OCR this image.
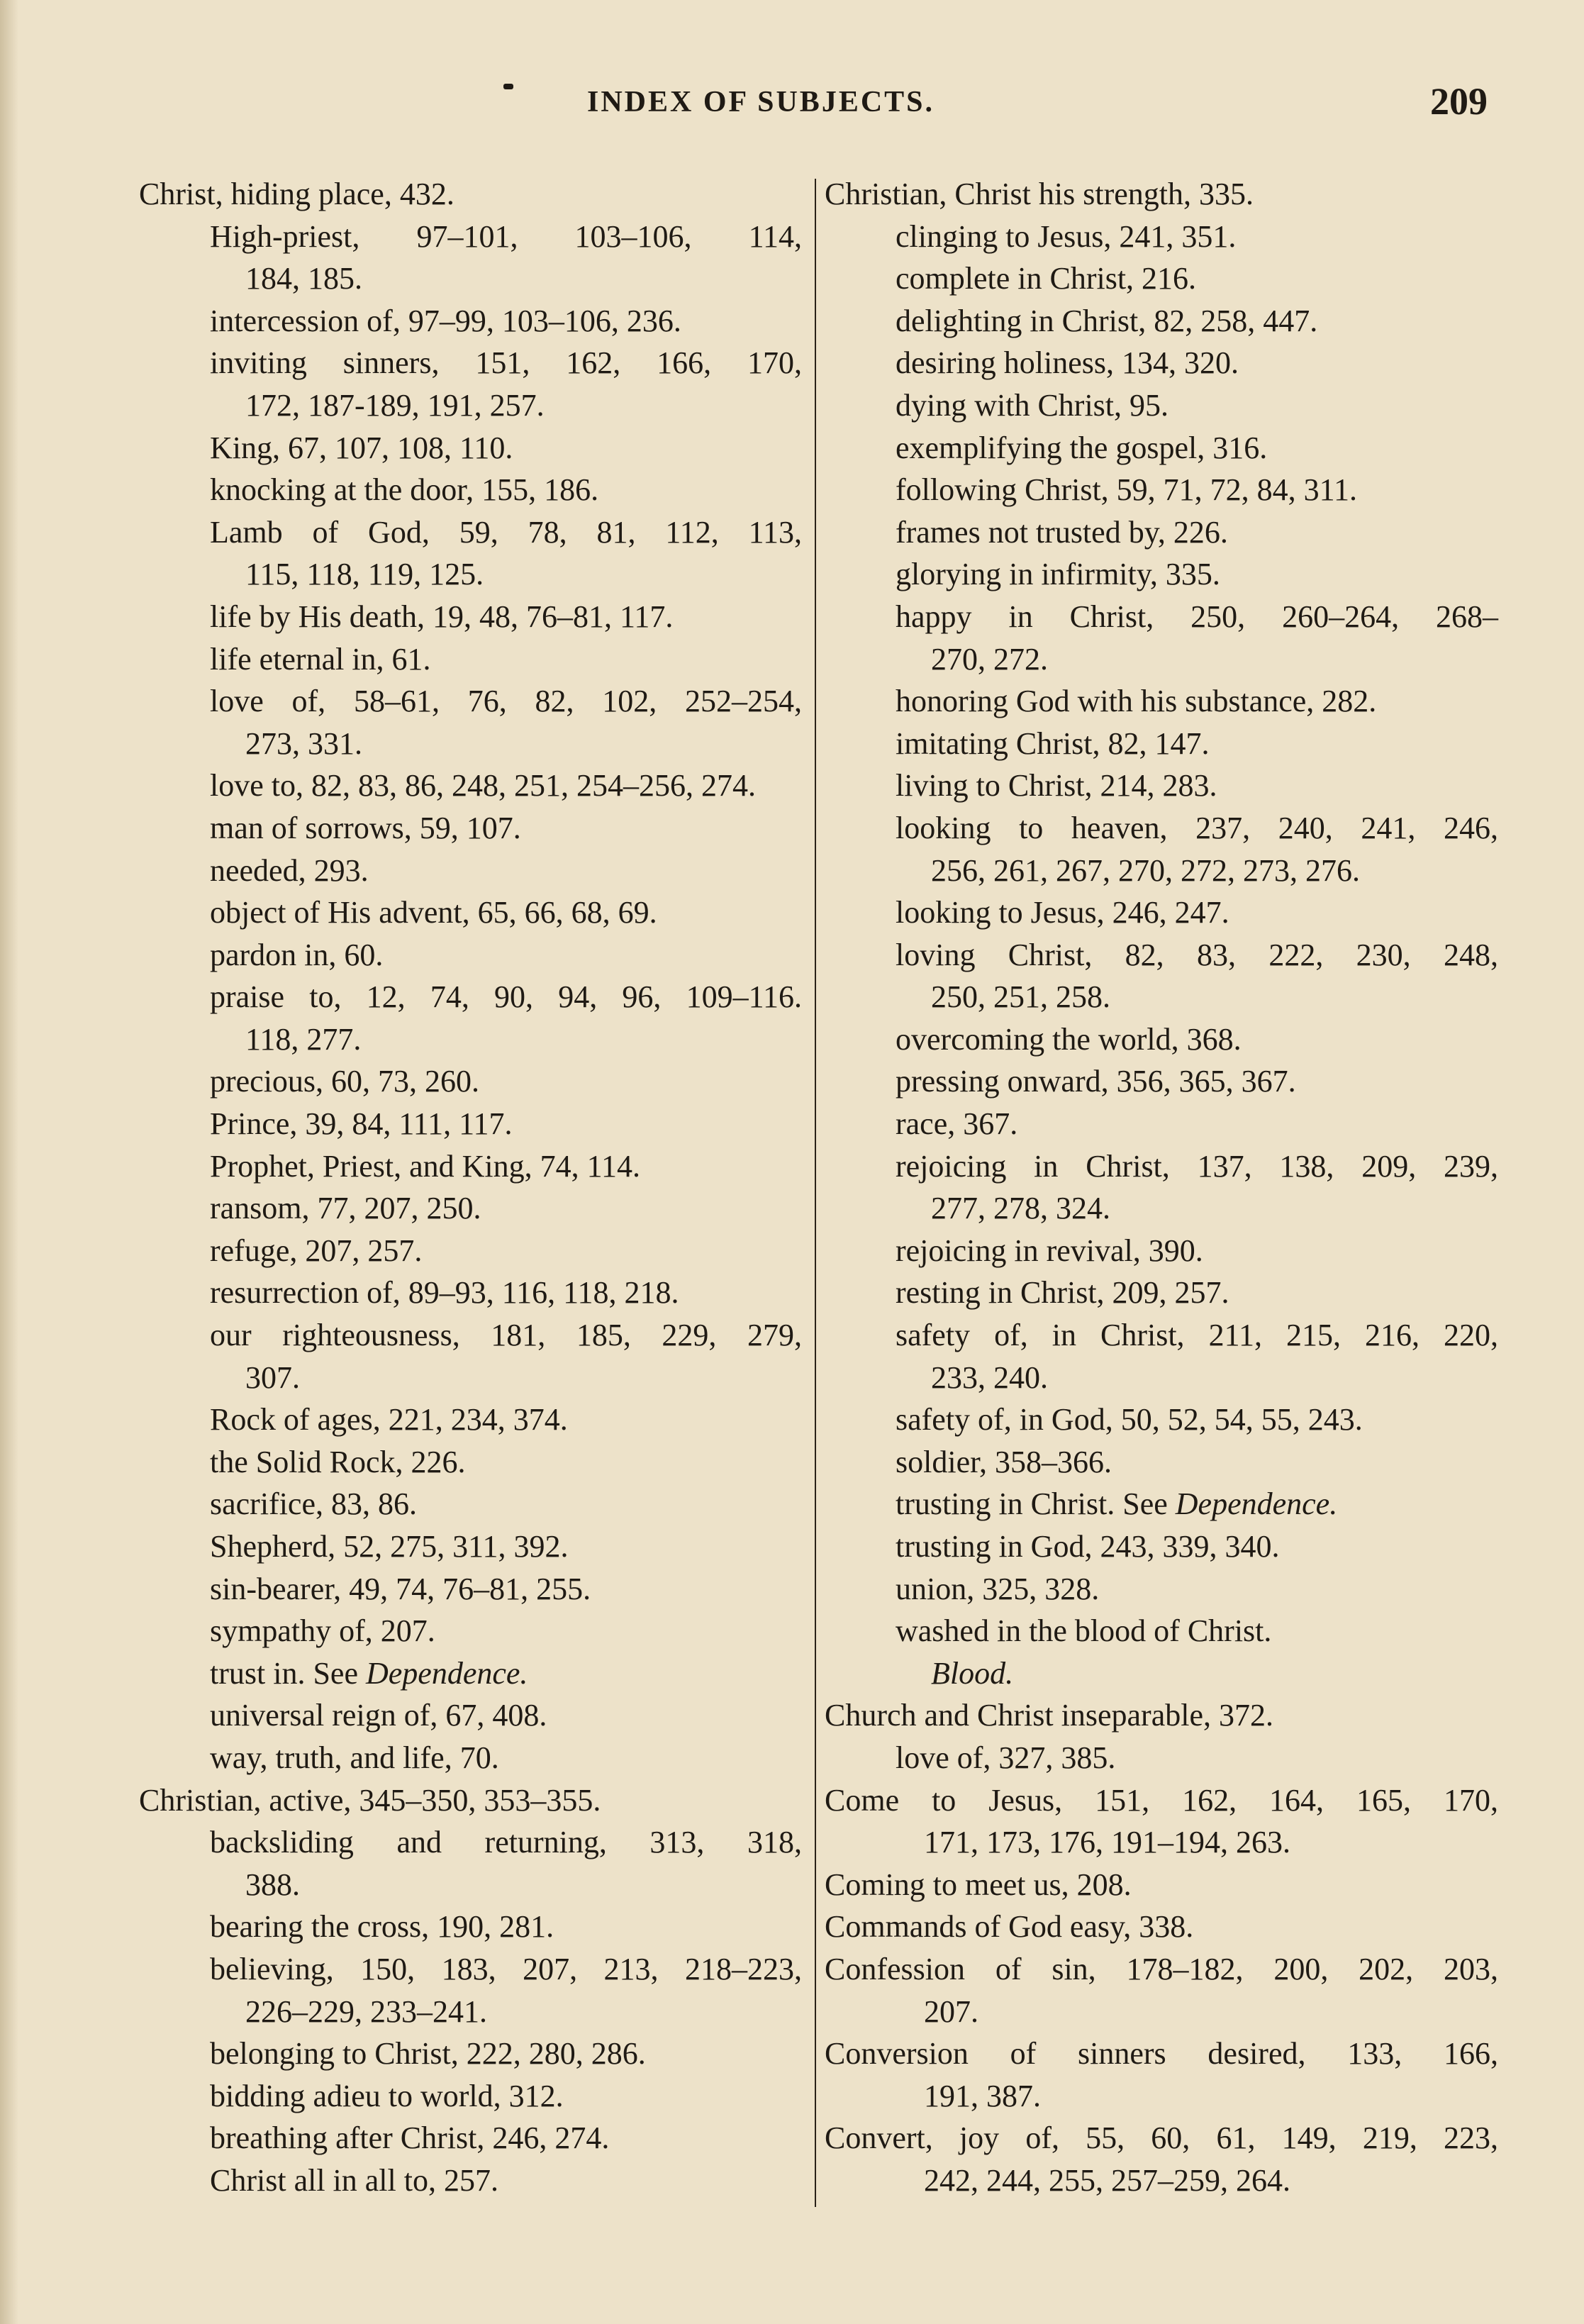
INDEX OF SUBJECTS.	209
Christ, hiding place, 432.
High-priest, 97–101, 103–106, 114,
184, 185.
intercession of, 97–99, 103–106, 236.
inviting sinners, 151, 162, 166, 170,
172, 187-189, 191, 257.
King, 67, 107, 108, 110.
knocking at the door, 155, 186.
Lamb of God, 59, 78, 81, 112, 113,
115, 118, 119, 125.
life by His death, 19, 48, 76–81, 117.
life eternal in, 61.
love of, 58–61, 76, 82, 102, 252–254,
273, 331.
love to, 82, 83, 86, 248, 251, 254–256, 274.
man of sorrows, 59, 107.
needed, 293.
object of His advent, 65, 66, 68, 69.
pardon in, 60.
praise to, 12, 74, 90, 94, 96, 109–116.
118, 277.
precious, 60, 73, 260.
Prince, 39, 84, 111, 117.
Prophet, Priest, and King, 74, 114.
ransom, 77, 207, 250.
refuge, 207, 257.
resurrection of, 89–93, 116, 118, 218.
our righteousness, 181, 185, 229, 279,
307.
Rock of ages, 221, 234, 374.
the Solid Rock, 226.
sacrifice, 83, 86.
Shepherd, 52, 275, 311, 392.
sin-bearer, 49, 74, 76–81, 255.
sympathy of, 207.
trust in. See Dependence.
universal reign of, 67, 408.
way, truth, and life, 70.
Christian, active, 345–350, 353–355.
backsliding and returning, 313, 318,
388.
bearing the cross, 190, 281.
believing, 150, 183, 207, 213, 218–223,
226–229, 233–241.
belonging to Christ, 222, 280, 286.
bidding adieu to world, 312.
breathing after Christ, 246, 274.
Christ all in all to, 257.
Christian, Christ his strength, 335.
clinging to Jesus, 241, 351.
complete in Christ, 216.
delighting in Christ, 82, 258, 447.
desiring holiness, 134, 320.
dying with Christ, 95.
exemplifying the gospel, 316.
following Christ, 59, 71, 72, 84, 311.
frames not trusted by, 226.
glorying in infirmity, 335.
happy in Christ, 250, 260–264, 268–
270, 272.
honoring God with his substance, 282.
imitating Christ, 82, 147.
living to Christ, 214, 283.
looking to heaven, 237, 240, 241, 246,
256, 261, 267, 270, 272, 273, 276.
looking to Jesus, 246, 247.
loving Christ, 82, 83, 222, 230, 248,
250, 251, 258.
overcoming the world, 368.
pressing onward, 356, 365, 367.
race, 367.
rejoicing in Christ, 137, 138, 209, 239,
277, 278, 324.
rejoicing in revival, 390.
resting in Christ, 209, 257.
safety of, in Christ, 211, 215, 216, 220,
233, 240.
safety of, in God, 50, 52, 54, 55, 243.
soldier, 358–366.
trusting in Christ. See Dependence.
trusting in God, 243, 339, 340.
union, 325, 328.
washed in the blood of Christ.
Blood.
Church and Christ inseparable, 372.
love of, 327, 385.
Come to Jesus, 151, 162, 164, 165, 170,
171, 173, 176, 191–194, 263.
Coming to meet us, 208.
Commands of God easy, 338.
Confession of sin, 178–182, 200, 202, 203,
207.
Conversion of sinners desired, 133, 166,
191, 387.
Convert, joy of, 55, 60, 61, 149, 219, 223,
242, 244, 255, 257–259, 264.
